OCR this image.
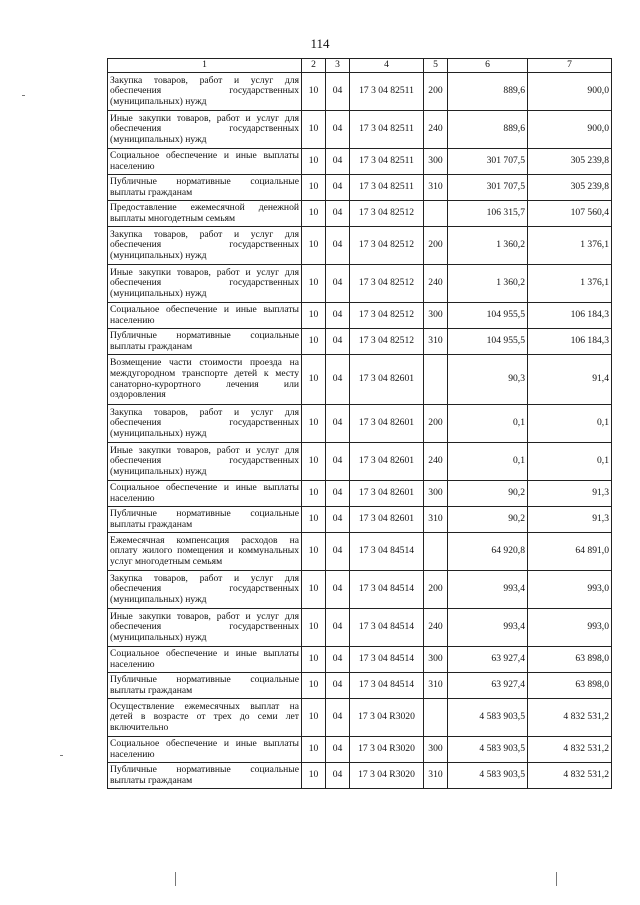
114
1	2	3	4	5	6	7
Закупка товаров, работ и услуг для обеспечения государственных (муниципальных) нужд	10	04	17 3 04 82511	200	889,6	900,0
Иные закупки товаров, работ и услуг для обеспечения государственных (муниципальных) нужд	10	04	17 3 04 82511	240	889,6	900,0
Социальное обеспечение и иные выплаты населению	10	04	17 3 04 82511	300	301 707,5	305 239,8
Публичные нормативные социальные выплаты гражданам	10	04	17 3 04 82511	310	301 707,5	305 239,8
Предоставление ежемесячной денежной выплаты многодетным семьям	10	04	17 3 04 82512		106 315,7	107 560,4
Закупка товаров, работ и услуг для обеспечения государственных (муниципальных) нужд	10	04	17 3 04 82512	200	1 360,2	1 376,1
Иные закупки товаров, работ и услуг для обеспечения государственных (муниципальных) нужд	10	04	17 3 04 82512	240	1 360,2	1 376,1
Социальное обеспечение и иные выплаты населению	10	04	17 3 04 82512	300	104 955,5	106 184,3
Публичные нормативные социальные выплаты гражданам	10	04	17 3 04 82512	310	104 955,5	106 184,3
Возмещение части стоимости проезда на междугородном транспорте детей к месту санаторно-курортного лечения или оздоровления	10	04	17 3 04 82601		90,3	91,4
Закупка товаров, работ и услуг для обеспечения государственных (муниципальных) нужд	10	04	17 3 04 82601	200	0,1	0,1
Иные закупки товаров, работ и услуг для обеспечения государственных (муниципальных) нужд	10	04	17 3 04 82601	240	0,1	0,1
Социальное обеспечение и иные выплаты населению	10	04	17 3 04 82601	300	90,2	91,3
Публичные нормативные социальные выплаты гражданам	10	04	17 3 04 82601	310	90,2	91,3
Ежемесячная компенсация расходов на оплату жилого помещения и коммунальных услуг многодетным семьям	10	04	17 3 04 84514		64 920,8	64 891,0
Закупка товаров, работ и услуг для обеспечения государственных (муниципальных) нужд	10	04	17 3 04 84514	200	993,4	993,0
Иные закупки товаров, работ и услуг для обеспечения государственных (муниципальных) нужд	10	04	17 3 04 84514	240	993,4	993,0
Социальное обеспечение и иные выплаты населению	10	04	17 3 04 84514	300	63 927,4	63 898,0
Публичные нормативные социальные выплаты гражданам	10	04	17 3 04 84514	310	63 927,4	63 898,0
Осуществление ежемесячных выплат на детей в возрасте от трех до семи лет включительно	10	04	17 3 04 R3020		4 583 903,5	4 832 531,2
Социальное обеспечение и иные выплаты населению	10	04	17 3 04 R3020	300	4 583 903,5	4 832 531,2
Публичные нормативные социальные выплаты гражданам	10	04	17 3 04 R3020	310	4 583 903,5	4 832 531,2
